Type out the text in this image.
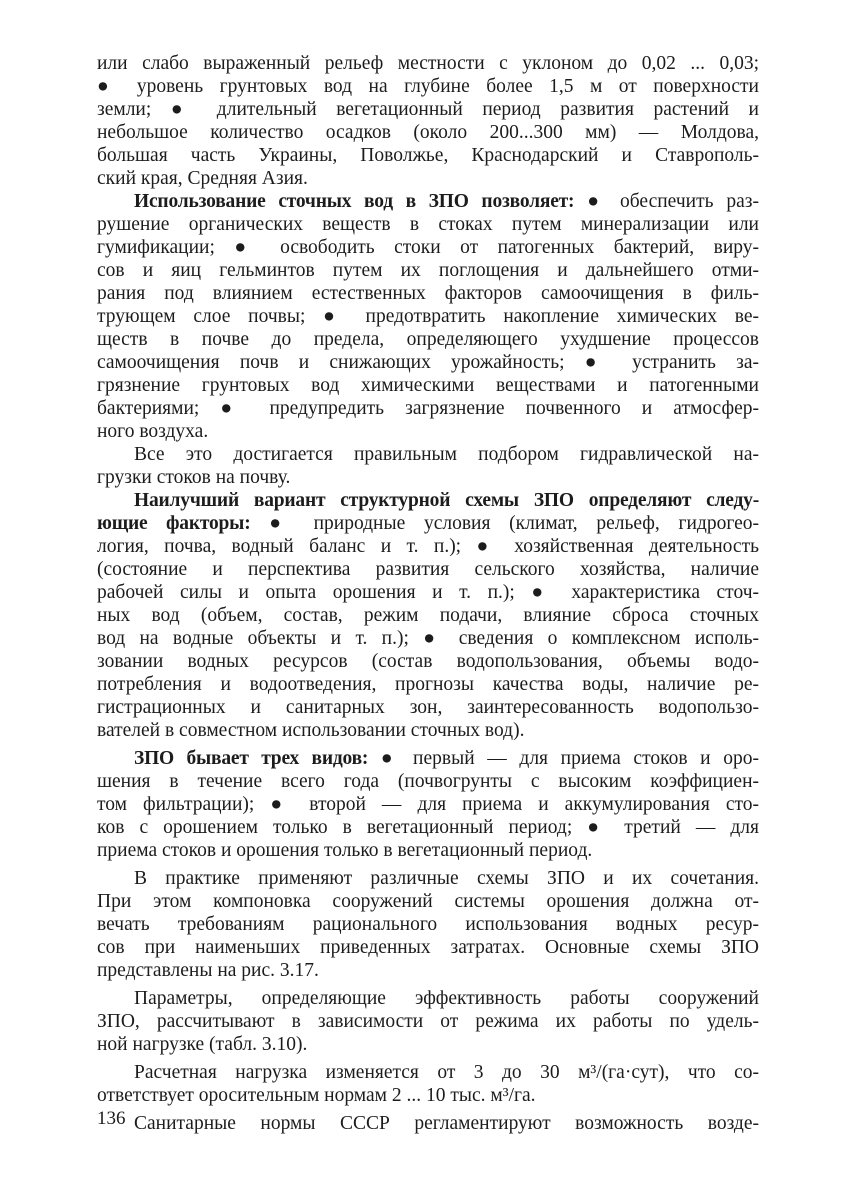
или слабо выраженный рельеф местности с уклоном до 0,02 ... 0,03;
● уровень грунтовых вод на глубине более 1,5 м от поверхности
земли; ● длительный вегетационный период развития растений и
небольшое количество осадков (около 200...300 мм) — Молдова,
большая часть Украины, Поволжье, Краснодарский и Ставрополь-
ский края, Средняя Азия.
Использование сточных вод в ЗПО позволяет: ● обеспечить раз-
рушение органических веществ в стоках путем минерализации или
гумификации; ● освободить стоки от патогенных бактерий, виру-
сов и яиц гельминтов путем их поглощения и дальнейшего отми-
рания под влиянием естественных факторов самоочищения в филь-
трующем слое почвы; ● предотвратить накопление химических ве-
ществ в почве до предела, определяющего ухудшение процессов
самоочищения почв и снижающих урожайность; ● устранить за-
грязнение грунтовых вод химическими веществами и патогенными
бактериями; ● предупредить загрязнение почвенного и атмосфер-
ного воздуха.
Все это достигается правильным подбором гидравлической на-
грузки стоков на почву.
Наилучший вариант структурной схемы ЗПО определяют следу-
ющие факторы: ● природные условия (климат, рельеф, гидрогео-
логия, почва, водный баланс и т. п.); ● хозяйственная деятельность
(состояние и перспектива развития сельского хозяйства, наличие
рабочей силы и опыта орошения и т. п.); ● характеристика сточ-
ных вод (объем, состав, режим подачи, влияние сброса сточных
вод на водные объекты и т. п.); ● сведения о комплексном исполь-
зовании водных ресурсов (состав водопользования, объемы водо-
потребления и водоотведения, прогнозы качества воды, наличие ре-
гистрационных и санитарных зон, заинтересованность водопользо-
вателей в совместном использовании сточных вод).
ЗПО бывает трех видов: ● первый — для приема стоков и оро-
шения в течение всего года (почвогрунты с высоким коэффициен-
том фильтрации); ● второй — для приема и аккумулирования сто-
ков с орошением только в вегетационный период; ● третий — для
приема стоков и орошения только в вегетационный период.
В практике применяют различные схемы ЗПО и их сочетания.
При этом компоновка сооружений системы орошения должна от-
вечать требованиям рационального использования водных ресур-
сов при наименьших приведенных затратах. Основные схемы ЗПО
представлены на рис. 3.17.
Параметры, определяющие эффективность работы сооружений
ЗПО, рассчитывают в зависимости от режима их работы по удель-
ной нагрузке (табл. 3.10).
Расчетная нагрузка изменяется от 3 до 30 м³/(га·сут), что со-
ответствует оросительным нормам 2 ... 10 тыс. м³/га.
Санитарные нормы СССР регламентируют возможность возде-
136
